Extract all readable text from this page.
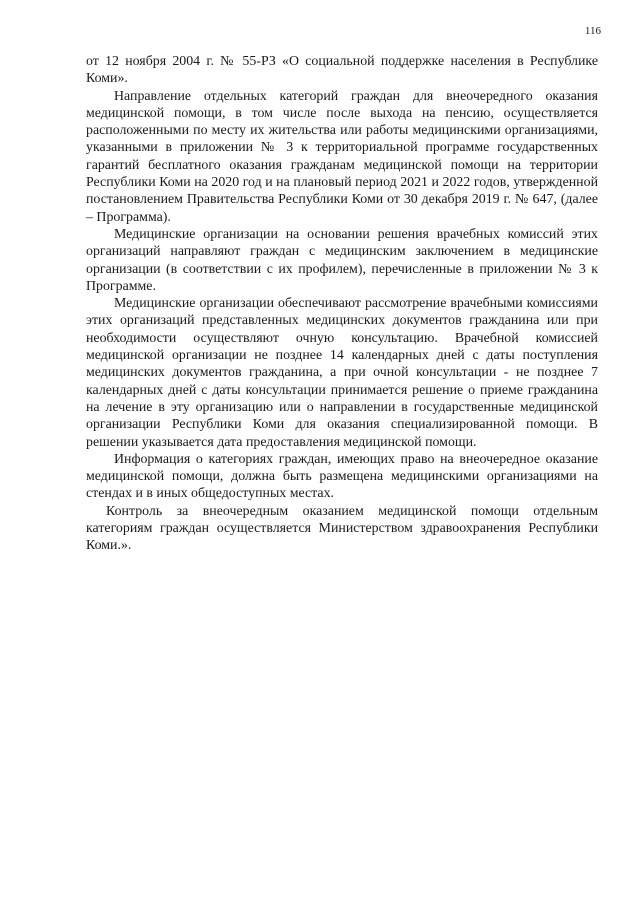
116

от 12 ноября 2004 г. № 55-РЗ «О социальной поддержке населения в Республике Коми».

Направление отдельных категорий граждан для внеочередного оказания медицинской помощи, в том числе после выхода на пенсию, осуществляется расположенными по месту их жительства или работы медицинскими организациями, указанными в приложении № 3 к территориальной программе государственных гарантий бесплатного оказания гражданам медицинской помощи на территории Республики Коми на 2020 год и на плановый период 2021 и 2022 годов, утвержденной постановлением Правительства Республики Коми от 30 декабря 2019 г. № 647, (далее – Программа).

Медицинские организации на основании решения врачебных комиссий этих организаций направляют граждан с медицинским заключением в медицинские организации (в соответствии с их профилем), перечисленные в приложении № 3 к Программе.

Медицинские организации обеспечивают рассмотрение врачебными комиссиями этих организаций представленных медицинских документов гражданина или при необходимости осуществляют очную консультацию. Врачебной комиссией медицинской организации не позднее 14 календарных дней с даты поступления медицинских документов гражданина, а при очной консультации - не позднее 7 календарных дней с даты консультации принимается решение о приеме гражданина на лечение в эту организацию или о направлении в государственные медицинской организации Республики Коми для оказания специализированной помощи. В решении указывается дата предоставления медицинской помощи.

Информация о категориях граждан, имеющих право на внеочередное оказание медицинской помощи, должна быть размещена медицинскими организациями на стендах и в иных общедоступных местах.

Контроль за внеочередным оказанием медицинской помощи отдельным категориям граждан осуществляется Министерством здравоохранения Республики Коми.».
